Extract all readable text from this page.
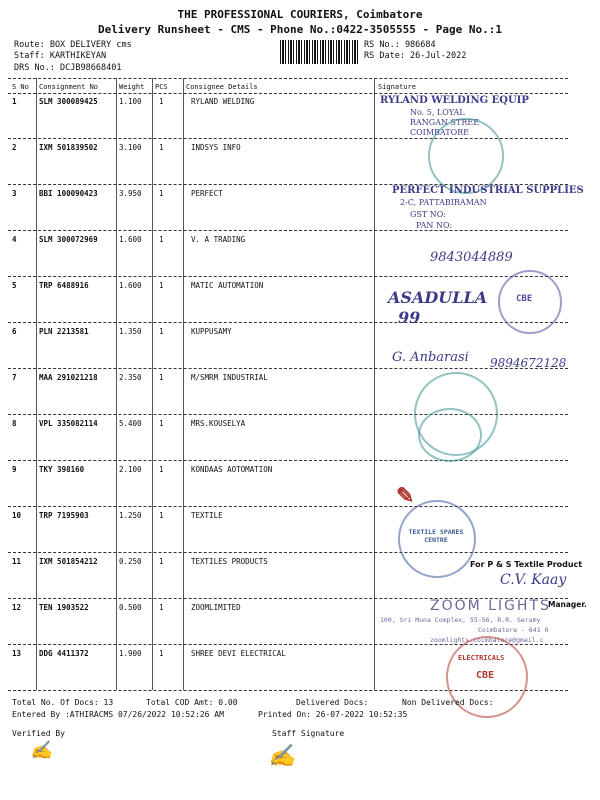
THE PROFESSIONAL COURIERS, Coimbatore
Delivery Runsheet - CMS - Phone No.:0422-3505555 - Page No.:1
Route: BOX DELIVERY cms
Staff: KARTHIKEYAN
DRS No.: DCJB98668401
RS No.: 986684
RS Date: 26-Jul-2022
S No Consignment No	Weight PCS	Consignee Details	Signature
1	SLM 300089425	1.100 1	RYLAND WELDING
2	IXM 501839502	3.100 1	INDSYS INFO
3	BBI 100090423	3.950 1	PERFECT
4	SLM 300072969	1.600 1	V. A TRADING
5	TRP 6488916	1.600 1	MATIC AUTOMATION
6	PLN 2213581	1.350 1	KUPPUSAMY
7	MAA 291021218	2.350 1	M/SMRM INDUSTRIAL
8	VPL 335082114	5.400 1	MRS.KOUSELYA
9	TKY 398160	2.100 1	KONDAAS AOTOMATION
10 TRP 7195903	1.250 1	TEXTILE
11 IXM 501854212	0.250 1	TEXTILES PRODUCTS
12 TEN 1903522	0.500 1	ZOOMLIMITED
13 DDG 4411372	1.900 1	SHREE DEVI ELECTRICAL
RYLAND WELDING EQUIP
No. 5, LOYAL
RANGAN STREE
COIMBATORE
PERFECT INDUSTRIAL SUPPLIES
2-C, PATTABIRAMAN
GST NO:
PAN NO:
9843044889
ASADULLA
99
CBE
G. Anbarasi 9894672128
✎
TEXTILE SPARES CENTRE
For P & S Textile Product
C.V. Kaay
Manager.
ZOOM LIGHTS
100, Sri Muna Complex, 55-56, R.R. Seramy
Coimbatore - 641 0
zoomlights.coimbatore@gmail.c
ELECTRICALS
CBE
Total No. Of Docs: 13	Total COD Amt: 0.00	Delivered Docs:	Non Delivered Docs:
Entered By :ATHIRACMS 07/26/2022 10:52:26 AM	Printed On: 26-07-2022 10:52:35
Verified By	Staff Signature
✍	✍
